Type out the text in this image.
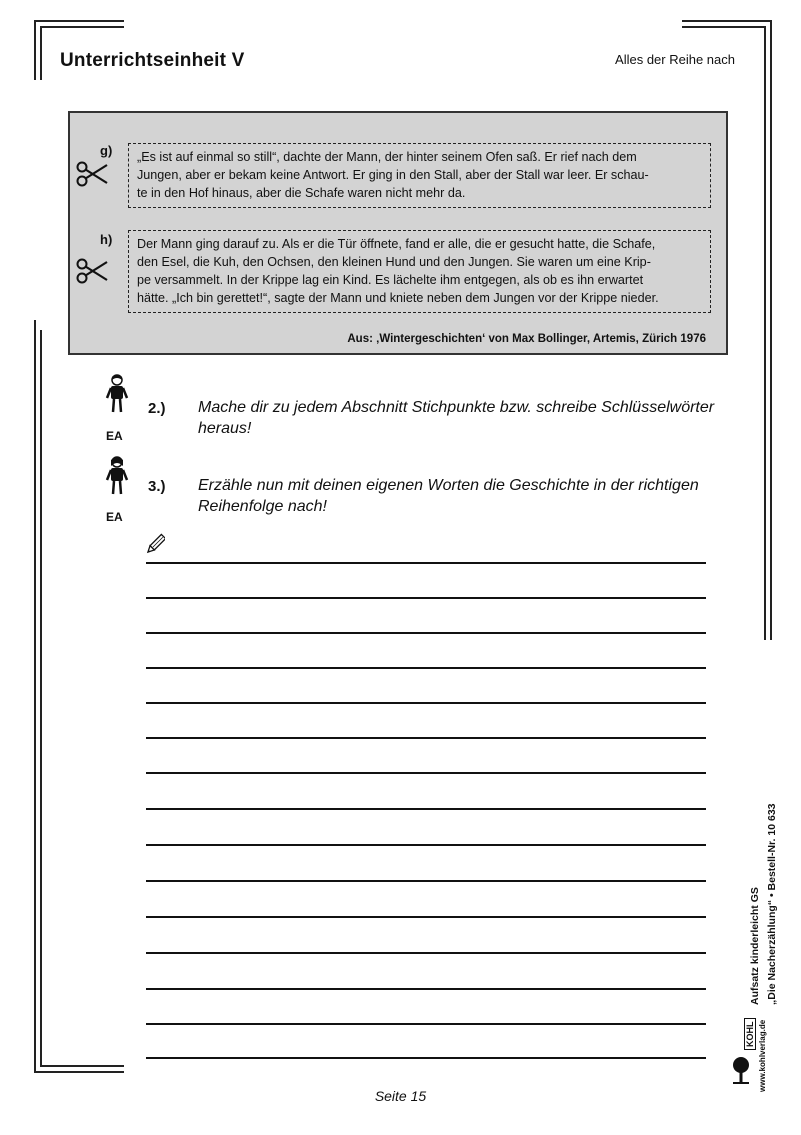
Unterrichtseinheit V	Alles der Reihe nach
g) „Es ist auf einmal so still“, dachte der Mann, der hinter seinem Ofen saß. Er rief nach dem
Jungen, aber er bekam keine Antwort. Er ging in den Stall, aber der Stall war leer. Er schau-
te in den Hof hinaus, aber die Schafe waren nicht mehr da.
h) Der Mann ging darauf zu. Als er die Tür öffnete, fand er alle, die er gesucht hatte, die Schafe,
den Esel, die Kuh, den Ochsen, den kleinen Hund und den Jungen. Sie waren um eine Krip-
pe versammelt. In der Krippe lag ein Kind. Es lächelte ihm entgegen, als ob es ihn erwartet
hätte. „Ich bin gerettet!“, sagte der Mann und kniete neben dem Jungen vor der Krippe nieder.
Aus: ‚Wintergeschichten‘ von Max Bollinger, Artemis, Zürich 1976
EA
2.) Mache dir zu jedem Abschnitt Stichpunkte bzw. schreibe Schlüsselwörter heraus!
EA
3.) Erzähle nun mit deinen eigenen Worten die Geschichte in der richtigen Reihenfolge nach!
Seite 15
KOHL www.kohlverlag.de
Aufsatz kinderleicht GS „Die Nacherzählung“ • Bestell-Nr. 10 633
